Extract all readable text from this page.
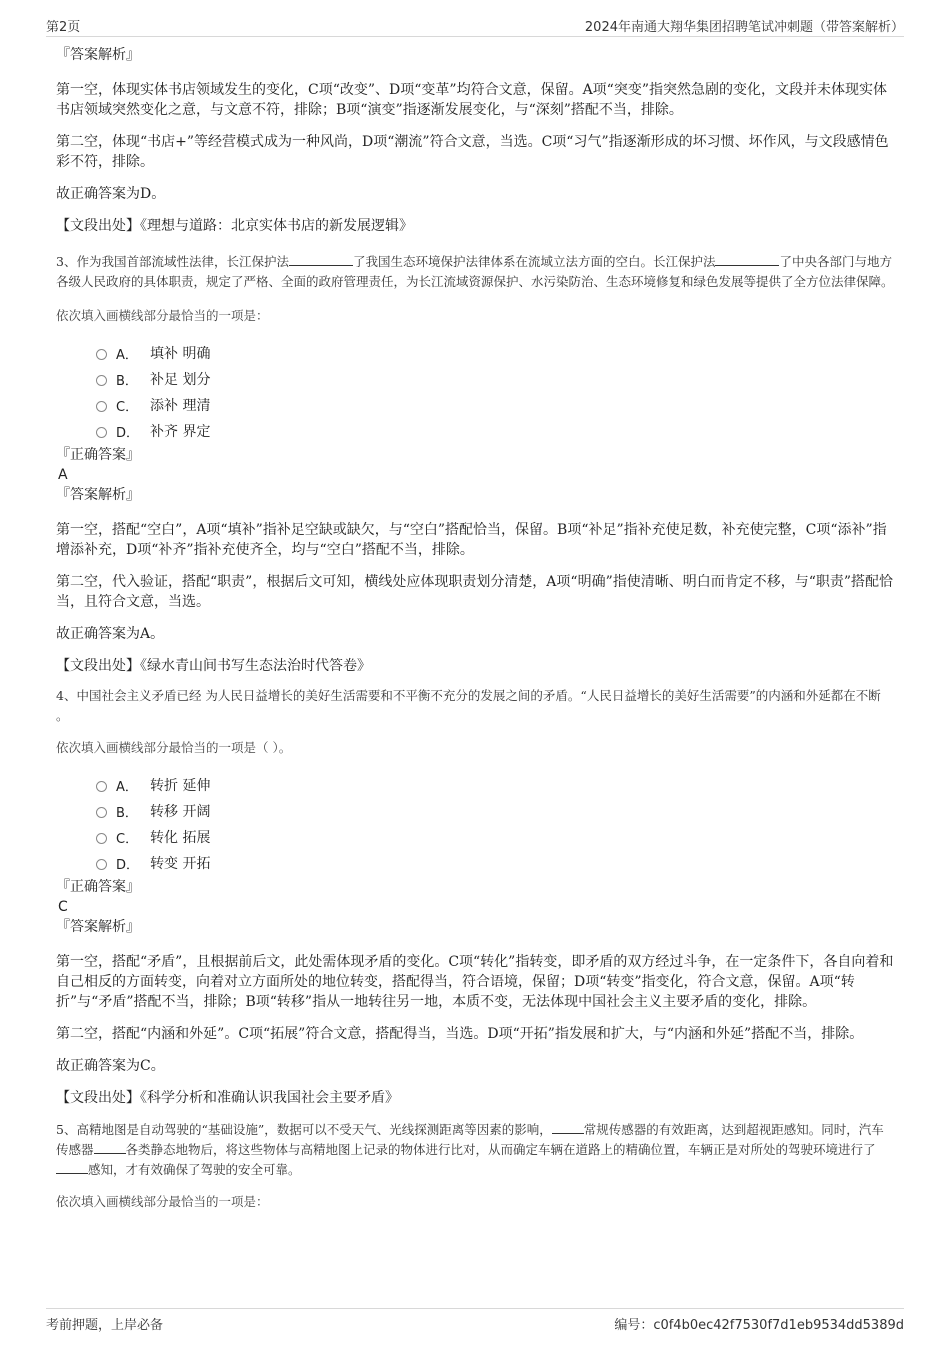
第2页	2024年南通大翔华集团招聘笔试冲刺题（带答案解析）

『答案解析』

第一空，体现实体书店领域发生的变化，C项“改变”、D项“变革”均符合文意，保留。A项“突变”指突然急剧的变化，文段并未体现实体书店领域突然变化之意，与文意不符，排除；B项“演变”指逐渐发展变化，与“深刻”搭配不当，排除。

第二空，体现“书店+”等经营模式成为一种风尚，D项“潮流”符合文意，当选。C项“习气”指逐渐形成的坏习惯、坏作风，与文段感情色彩不符，排除。

故正确答案为D。

【文段出处】《理想与道路：北京实体书店的新发展逻辑》

3、作为我国首部流域性法律，长江保护法	了我国生态环境保护法律体系在流域立法方面的空白。长江保护法	了中央各部门与地方各级人民政府的具体职责，规定了严格、全面的政府管理责任，为长江流域资源保护、水污染防治、生态环境修复和绿色发展等提供了全方位法律保障。

依次填入画横线部分最恰当的一项是：

A． 填补 明确
B． 补足 划分
C． 添补 理清
D． 补齐 界定

『正确答案』

A

『答案解析』

第一空，搭配“空白”，A项“填补”指补足空缺或缺欠，与“空白”搭配恰当，保留。B项“补足”指补充使足数，补充使完整，C项“添补”指增添补充，D项“补齐”指补充使齐全，均与“空白”搭配不当，排除。

第二空，代入验证，搭配“职责”，根据后文可知，横线处应体现职责划分清楚，A项“明确”指使清晰、明白而肯定不移，与“职责”搭配恰当，且符合文意，当选。

故正确答案为A。

【文段出处】《绿水青山间书写生态法治时代答卷》

4、中国社会主义矛盾已经 为人民日益增长的美好生活需要和不平衡不充分的发展之间的矛盾。“人民日益增长的美好生活需要”的内涵和外延都在不断 。

依次填入画横线部分最恰当的一项是（ ）。

A． 转折 延伸
B． 转移 开阔
C． 转化 拓展
D． 转变 开拓

『正确答案』

C

『答案解析』

第一空，搭配“矛盾”，且根据前后文，此处需体现矛盾的变化。C项“转化”指转变，即矛盾的双方经过斗争，在一定条件下，各自向着和自己相反的方面转变，向着对立方面所处的地位转变，搭配得当，符合语境，保留；D项“转变”指变化，符合文意，保留。A项“转折”与“矛盾”搭配不当，排除；B项“转移”指从一地转往另一地，本质不变，无法体现中国社会主义主要矛盾的变化，排除。

第二空，搭配“内涵和外延”。C项“拓展”符合文意，搭配得当，当选。D项“开拓”指发展和扩大，与“内涵和外延”搭配不当，排除。

故正确答案为C。

【文段出处】《科学分析和准确认识我国社会主要矛盾》

5、高精地图是自动驾驶的“基础设施”，数据可以不受天气、光线探测距离等因素的影响，	常规传感器的有效距离，达到超视距感知。同时，汽车传感器	各类静态地物后，将这些物体与高精地图上记录的物体进行比对，从而确定车辆在道路上的精确位置，车辆正是对所处的驾驶环境进行了感知，才有效确保了驾驶的安全可靠。

依次填入画横线部分最恰当的一项是：

考前押题，上岸必备	编号：c0f4b0ec42f7530f7d1eb9534dd5389d
